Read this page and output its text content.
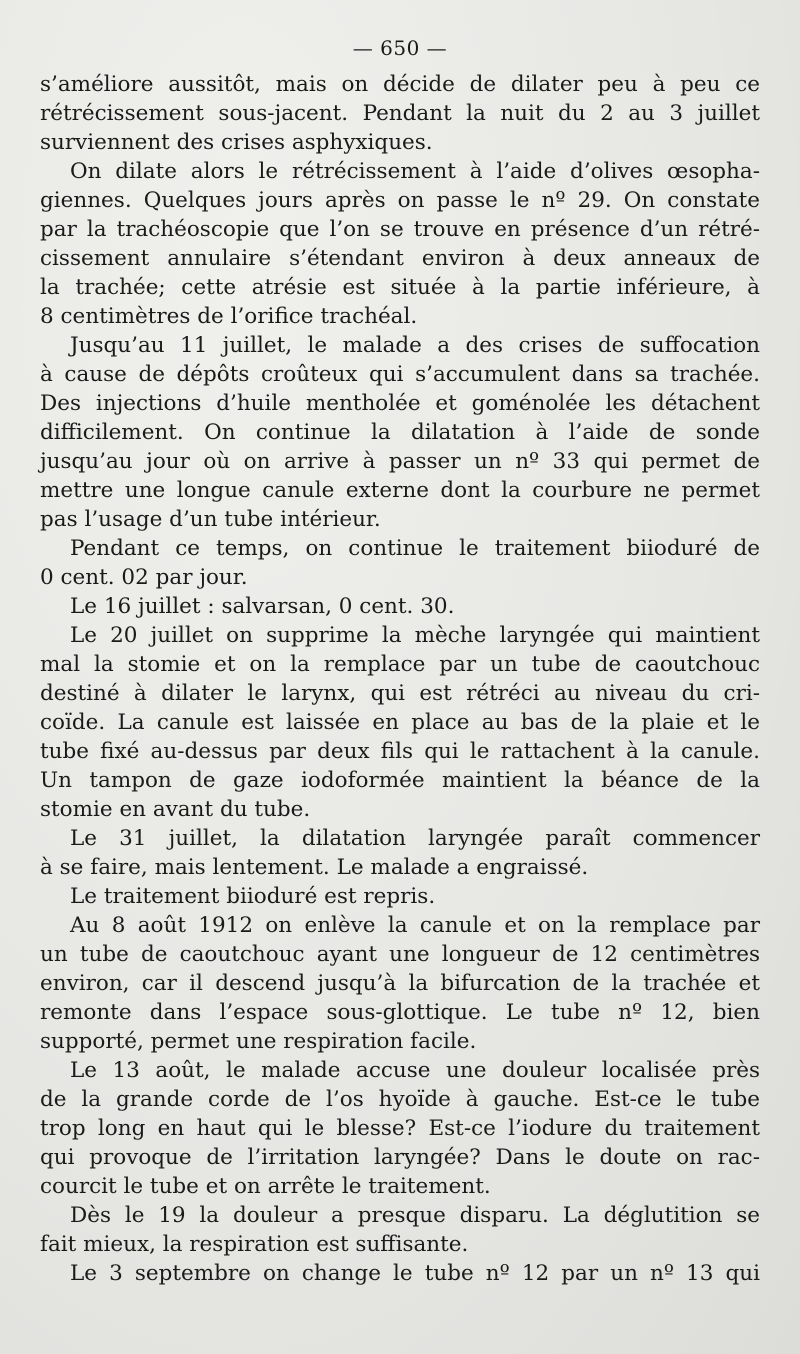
— 650 —

s’améliore aussitôt, mais on décide de dilater peu à peu ce
rétrécissement sous-jacent. Pendant la nuit du 2 au 3 juillet
surviennent des crises asphyxiques.

On dilate alors le rétrécissement à l’aide d’olives œsopha-
giennes. Quelques jours après on passe le nº 29. On constate
par la trachéoscopie que l’on se trouve en présence d’un rétré-
cissement annulaire s’étendant environ à deux anneaux de
la trachée; cette atrésie est située à la partie inférieure, à
8 centimètres de l’orifice trachéal.

Jusqu’au 11 juillet, le malade a des crises de suffocation
à cause de dépôts croûteux qui s’accumulent dans sa trachée.
Des injections d’huile mentholée et goménolée les détachent
difficilement. On continue la dilatation à l’aide de sonde
jusqu’au jour où on arrive à passer un nº 33 qui permet de
mettre une longue canule externe dont la courbure ne permet
pas l’usage d’un tube intérieur.

Pendant ce temps, on continue le traitement biioduré de
0 cent. 02 par jour.

Le 16 juillet : salvarsan, 0 cent. 30.

Le 20 juillet on supprime la mèche laryngée qui maintient
mal la stomie et on la remplace par un tube de caoutchouc
destiné à dilater le larynx, qui est rétréci au niveau du cri-
coïde. La canule est laissée en place au bas de la plaie et le
tube fixé au-dessus par deux fils qui le rattachent à la canule.
Un tampon de gaze iodoformée maintient la béance de la
stomie en avant du tube.

Le 31 juillet, la dilatation laryngée paraît commencer
à se faire, mais lentement. Le malade a engraissé.

Le traitement biioduré est repris.

Au 8 août 1912 on enlève la canule et on la remplace par
un tube de caoutchouc ayant une longueur de 12 centimètres
environ, car il descend jusqu’à la bifurcation de la trachée et
remonte dans l’espace sous-glottique. Le tube nº 12, bien
supporté, permet une respiration facile.

Le 13 août, le malade accuse une douleur localisée près
de la grande corde de l’os hyoïde à gauche. Est-ce le tube
trop long en haut qui le blesse? Est-ce l’iodure du traitement
qui provoque de l’irritation laryngée? Dans le doute on rac-
courcit le tube et on arrête le traitement.

Dès le 19 la douleur a presque disparu. La déglutition se
fait mieux, la respiration est suffisante.

Le 3 septembre on change le tube nº 12 par un nº 13 qui
